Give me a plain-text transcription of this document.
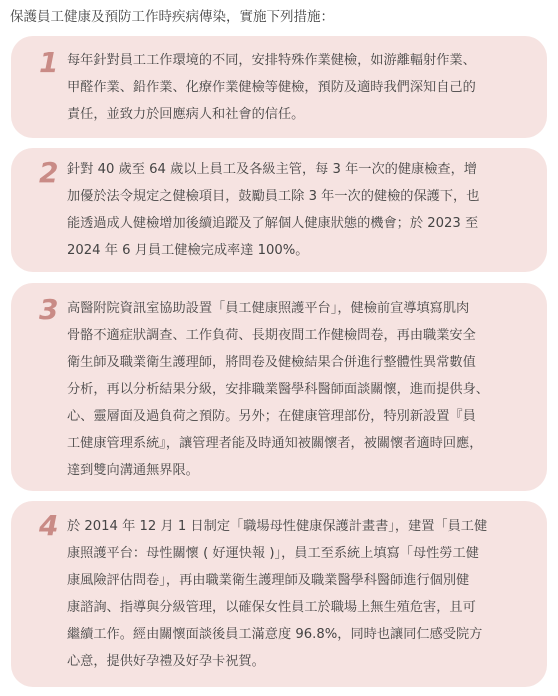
保護員工健康及預防工作時疾病傳染，實施下列措施：
1 每年針對員工工作環境的不同，安排特殊作業健檢，如游離輻射作業、
甲醛作業、鉛作業、化療作業健檢等健檢，預防及適時我們深知自己的
責任，並致力於回應病人和社會的信任。
2 針對 40 歲至 64 歲以上員工及各級主管，每 3 年一次的健康檢查，增
加優於法令規定之健檢項目，鼓勵員工除 3 年一次的健檢的保護下，也
能透過成人健檢增加後續追蹤及了解個人健康狀態的機會；於 2023 至
2024 年 6 月員工健檢完成率達 100%。
3 高醫附院資訊室協助設置「員工健康照護平台」，健檢前宣導填寫肌肉
骨骼不適症狀調查、工作負荷、長期夜間工作健檢問卷，再由職業安全
衛生師及職業衛生護理師，將問卷及健檢結果合併進行整體性異常數值
分析，再以分析結果分級，安排職業醫學科醫師面談關懷，進而提供身、
心、靈層面及過負荷之預防。另外；在健康管理部份，特別新設置『員
工健康管理系統』，讓管理者能及時通知被關懷者，被關懷者適時回應，
達到雙向溝通無界限。
4 於 2014 年 12 月 1 日制定「職場母性健康保護計畫書」，建置「員工健
康照護平台：母性關懷 ( 好運快報 )」，員工至系統上填寫「母性勞工健
康風險評估問卷」，再由職業衛生護理師及職業醫學科醫師進行個別健
康諮詢、指導與分級管理，以確保女性員工於職場上無生殖危害，且可
繼續工作。經由關懷面談後員工滿意度 96.8%，同時也讓同仁感受院方
心意，提供好孕禮及好孕卡祝賀。
